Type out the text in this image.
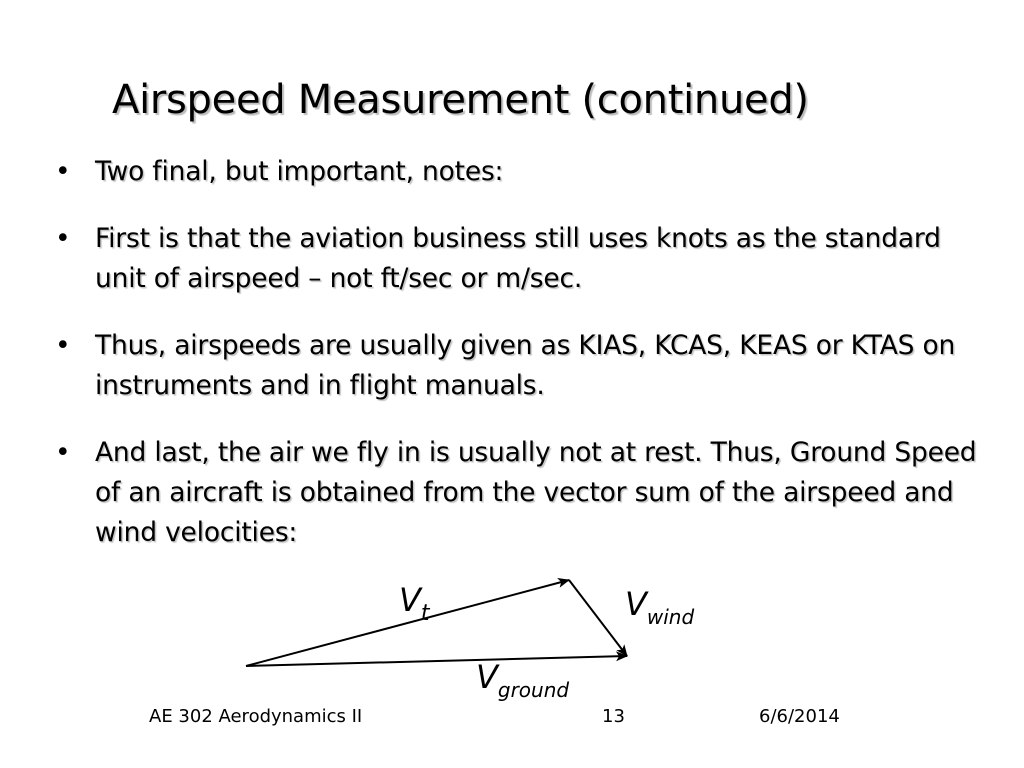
Airspeed Measurement (continued)
• Two final, but important, notes:
• First is that the aviation business still uses knots as the standard unit of airspeed – not ft/sec or m/sec.
• Thus, airspeeds are usually given as KIAS, KCAS, KEAS or KTAS on instruments and in flight manuals.
• And last, the air we fly in is usually not at rest. Thus, Ground Speed of an aircraft is obtained from the vector sum of the airspeed and wind velocities:
$V_t$	$V_{wind}$
$V_{ground}$
AE 302 Aerodynamics II	13	6/6/2014
